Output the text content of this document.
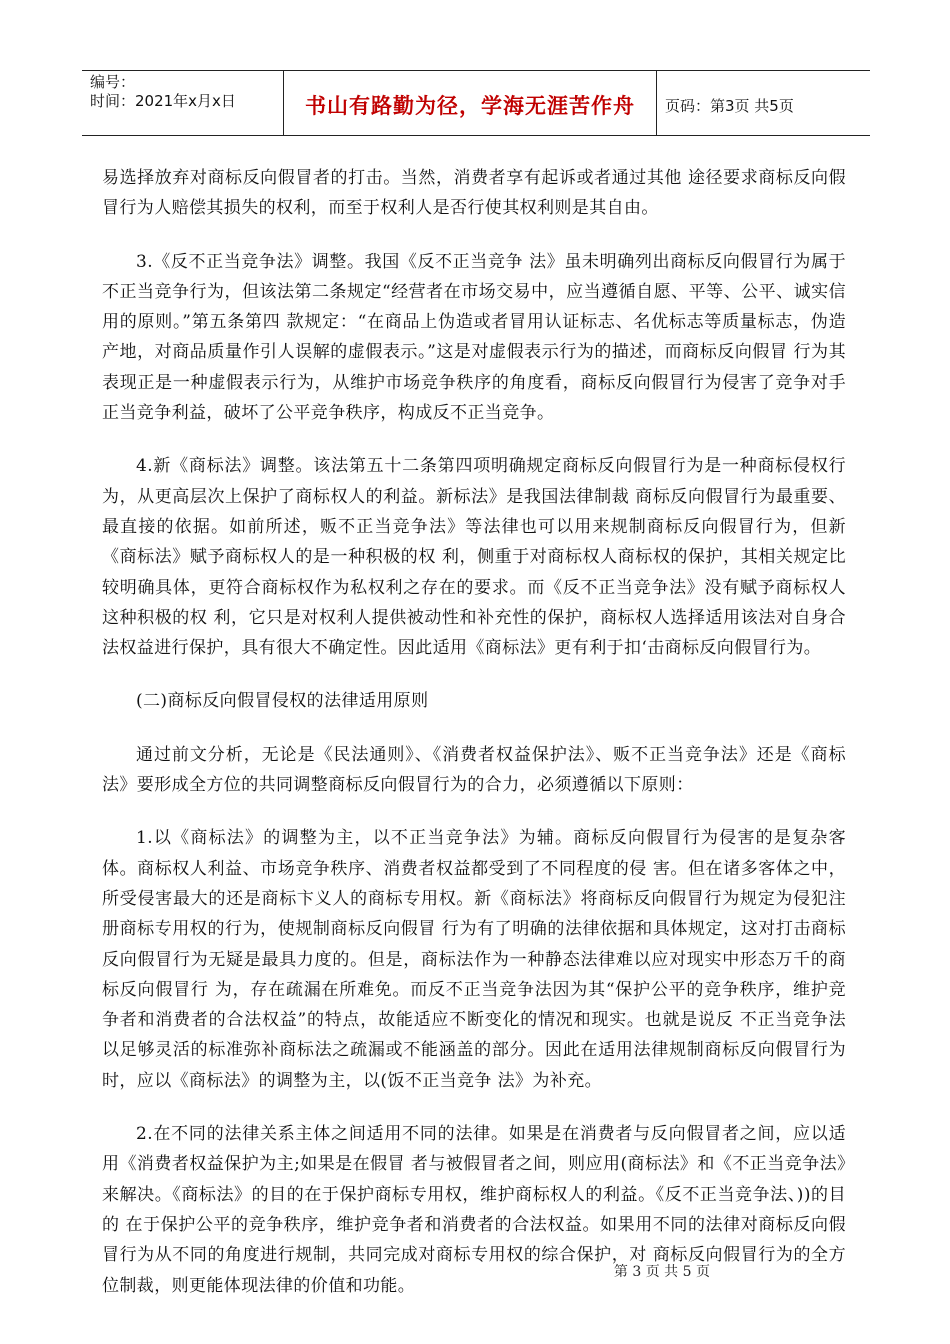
编号：
时间：2021年x月x日	书山有路勤为径，学海无涯苦作舟 页码：第3页 共5页

易选择放弃对商标反向假冒者的打击。当然，消费者享有起诉或者通过其他 途径要求商标反向假冒行为人赔偿其损失的权利，而至于权利人是否行使其权利则是其自由。

3.《反不正当竞争法》调整。我国《反不正当竞争 法》虽未明确列出商标反向假冒行为属于不正当竞争行为，但该法第二条规定“经营者在市场交易中，应当遵循自愿、平等、公平、诚实信用的原则。”第五条第四 款规定：“在商品上伪造或者冒用认证标志、名优标志等质量标志，伪造产地，对商品质量作引人误解的虚假表示。”这是对虚假表示行为的描述，而商标反向假冒 行为其表现正是一种虚假表示行为，从维护市场竞争秩序的角度看，商标反向假冒行为侵害了竞争对手正当竞争利益，破坏了公平竞争秩序，构成反不正当竞争。

4.新《商标法》调整。该法第五十二条第四项明确规定商标反向假冒行为是一种商标侵权行为，从更高层次上保护了商标权人的利益。新标法》是我国法律制裁 商标反向假冒行为最重要、最直接的依据。如前所述，贩不正当竞争法》等法律也可以用来规制商标反向假冒行为，但新《商标法》赋予商标权人的是一种积极的权 利，侧重于对商标权人商标权的保护，其相关规定比较明确具体，更符合商标权作为私权利之存在的要求。而《反不正当竞争法》没有赋予商标权人这种积极的权 利，它只是对权利人提供被动性和补充性的保护，商标权人选择适用该法对自身合法权益进行保护，具有很大不确定性。因此适用《商标法》更有利于扣‘击商标反向假冒行为。

(二)商标反向假冒侵权的法律适用原则

通过前文分析，无论是《民法通则》、《消费者权益保护法》、贩不正当竞争法》还是《商标法》要形成全方位的共同调整商标反向假冒行为的合力，必须遵循以下原则：

1.以《商标法》的调整为主，以不正当竞争法》为辅。商标反向假冒行为侵害的是复杂客体。商标权人利益、市场竞争秩序、消费者权益都受到了不同程度的侵 害。但在诸多客体之中，所受侵害最大的还是商标卞义人的商标专用权。新《商标法》将商标反向假冒行为规定为侵犯注册商标专用权的行为，使规制商标反向假冒 行为有了明确的法律依据和具体规定，这对打击商标反向假冒行为无疑是最具力度的。但是，商标法作为一种静态法律难以应对现实中形态万千的商标反向假冒行 为，存在疏漏在所难免。而反不正当竞争法因为其“保护公平的竞争秩序，维护竞争者和消费者的合法权益”的特点，故能适应不断变化的情况和现实。也就是说反 不正当竞争法以足够灵活的标准弥补商标法之疏漏或不能涵盖的部分。因此在适用法律规制商标反向假冒行为时，应以《商标法》的调整为主，以(饭不正当竞争 法》为补充。

2.在不同的法律关系主体之间适用不同的法律。如果是在消费者与反向假冒者之间，应以适用《消费者权益保护为主;如果是在假冒 者与被假冒者之间，则应用(商标法》和《不正当竞争法》来解决。《商标法》的目的在于保护商标专用权，维护商标权人的利益。《反不正当竞争法、))的目的 在于保护公平的竞争秩序，维护竞争者和消费者的合法权益。如果用不同的法律对商标反向假冒行为从不同的角度进行规制，共同完成对商标专用权的综合保护，对 商标反向假冒行为的全方位制裁，则更能体现法律的价值和功能。

第 3 页 共 5 页
